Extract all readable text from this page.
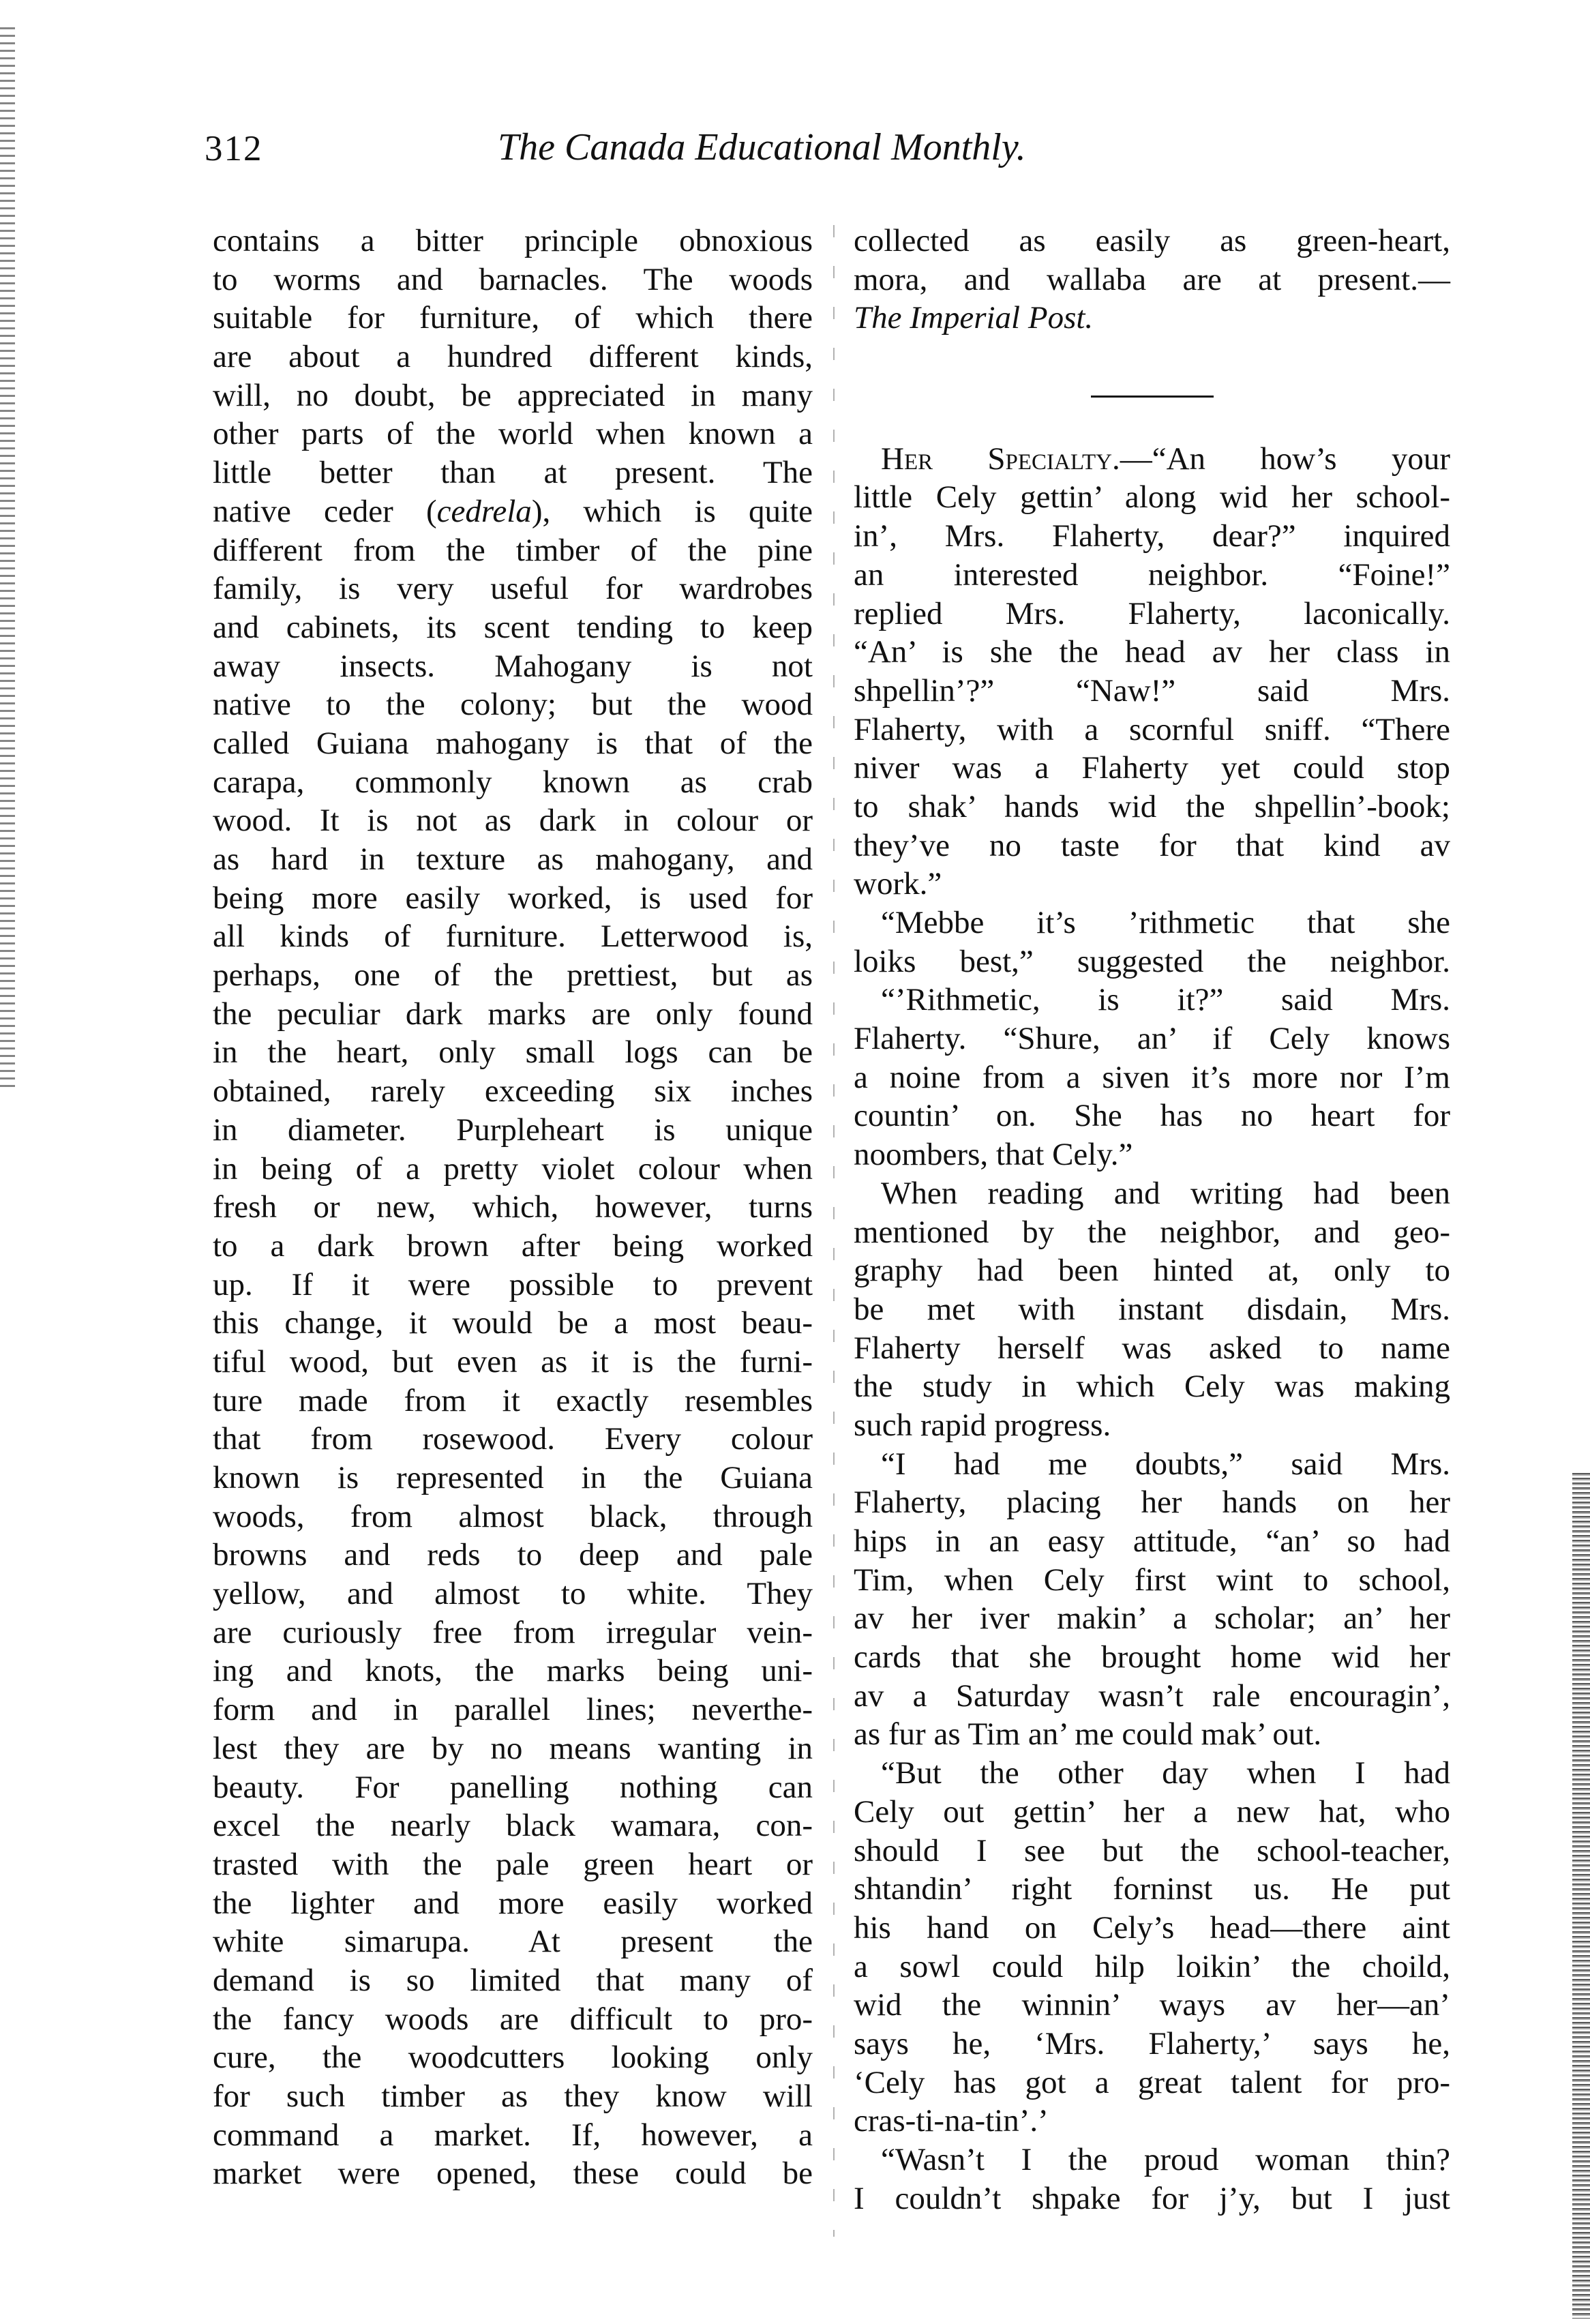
312	The Canada Educational Monthly.
contains a bitter principle obnoxious
to worms and barnacles. The woods
suitable for furniture, of which there
are about a hundred different kinds,
will, no doubt, be appreciated in many
other parts of the world when known a
little better than at present. The
native ceder (cedrela), which is quite
different from the timber of the pine
family, is very useful for wardrobes
and cabinets, its scent tending to keep
away insects. Mahogany is not
native to the colony; but the wood
called Guiana mahogany is that of the
carapa, commonly known as crab
wood. It is not as dark in colour or
as hard in texture as mahogany, and
being more easily worked, is used for
all kinds of furniture. Letterwood is,
perhaps, one of the prettiest, but as
the peculiar dark marks are only found
in the heart, only small logs can be
obtained, rarely exceeding six inches
in diameter. Purpleheart is unique
in being of a pretty violet colour when
fresh or new, which, however, turns
to a dark brown after being worked
up. If it were possible to prevent
this change, it would be a most beau-
tiful wood, but even as it is the furni-
ture made from it exactly resembles
that from rosewood. Every colour
known is represented in the Guiana
woods, from almost black, through
browns and reds to deep and pale
yellow, and almost to white. They
are curiously free from irregular vein-
ing and knots, the marks being uni-
form and in parallel lines; neverthe-
lest they are by no means wanting in
beauty. For panelling nothing can
excel the nearly black wamara, con-
trasted with the pale green heart or
the lighter and more easily worked
white simarupa. At present the
demand is so limited that many of
the fancy woods are difficult to pro-
cure, the woodcutters looking only
for such timber as they know will
command a market. If, however, a
market were opened, these could be
collected as easily as green-heart,
mora, and wallaba are at present.—
The Imperial Post.
Her Specialty.—“An how’s your
little Cely gettin’ along wid her school-
in’, Mrs. Flaherty, dear?” inquired
an interested neighbor. “Foine!”
replied Mrs. Flaherty, laconically.
“An’ is she the head av her class in
shpellin’?” “Naw!” said Mrs.
Flaherty, with a scornful sniff. “There
niver was a Flaherty yet could stop
to shak’ hands wid the shpellin’-book;
they’ve no taste for that kind av
work.”
“Mebbe it’s ’rithmetic that she
loiks best,” suggested the neighbor.
“’Rithmetic, is it?” said Mrs.
Flaherty. “Shure, an’ if Cely knows
a noine from a siven it’s more nor I’m
countin’ on. She has no heart for
noombers, that Cely.”
When reading and writing had been
mentioned by the neighbor, and geo-
graphy had been hinted at, only to
be met with instant disdain, Mrs.
Flaherty herself was asked to name
the study in which Cely was making
such rapid progress.
“I had me doubts,” said Mrs.
Flaherty, placing her hands on her
hips in an easy attitude, “an’ so had
Tim, when Cely first wint to school,
av her iver makin’ a scholar; an’ her
cards that she brought home wid her
av a Saturday wasn’t rale encouragin’,
as fur as Tim an’ me could mak’ out.
“But the other day when I had
Cely out gettin’ her a new hat, who
should I see but the school-teacher,
shtandin’ right forninst us. He put
his hand on Cely’s head—there aint
a sowl could hilp loikin’ the choild,
wid the winnin’ ways av her—an’
says he, ‘Mrs. Flaherty,’ says he,
‘Cely has got a great talent for pro-
cras-ti-na-tin’.’
“Wasn’t I the proud woman thin?
I couldn’t shpake for j’y, but I just
